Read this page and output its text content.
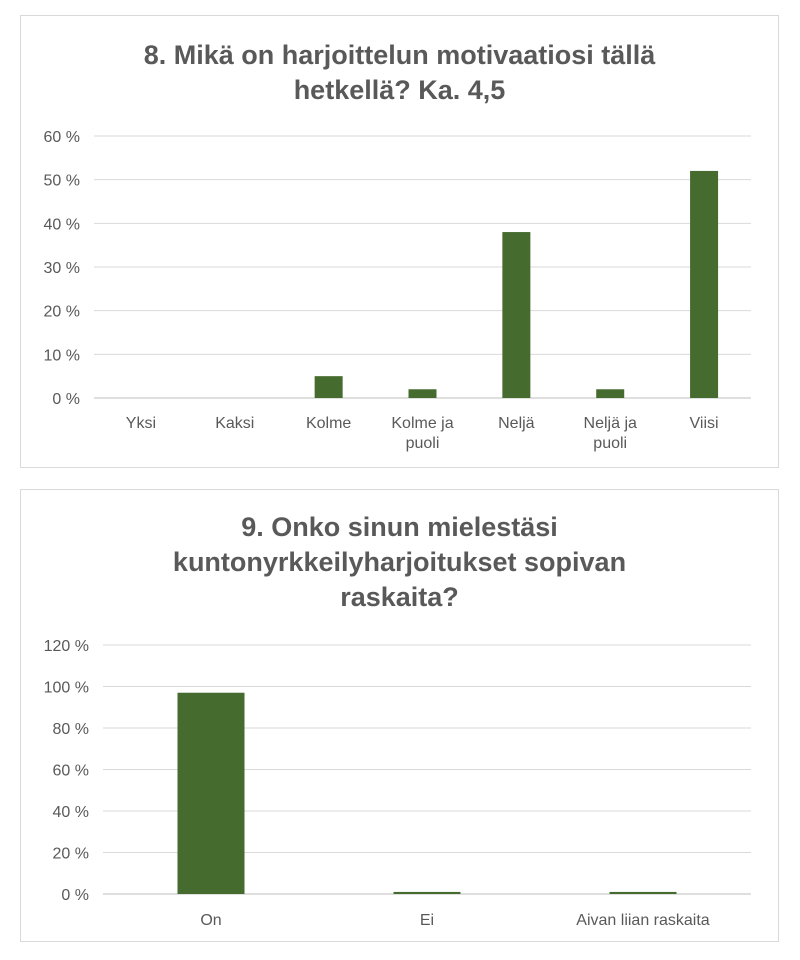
8. Mikä on harjoittelun motivaatiosi tällä
hetkellä? Ka. 4,5
0 %
10 %
20 %
30 %
40 %
50 %
60 %
Yksi	Kaksi	Kolme	Kolme ja puoli
Neljä	Neljä ja puoli
Viisi
9. Onko sinun mielestäsi
kuntonyrkkeilyharjoitukset sopivan
raskaita?
0 %
20 %
40 %
60 %
80 %
100 %
120 %
On	Ei	Aivan liian raskaita
